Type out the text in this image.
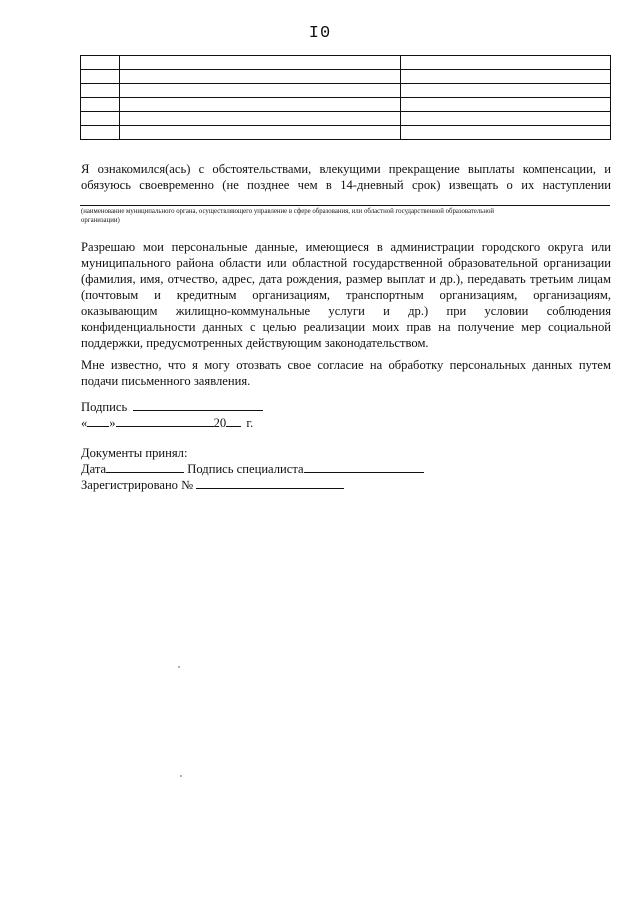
I0

Я ознакомился(ась) с обстоятельствами, влекущими прекращение выплаты компенсации, и
обязуюсь своевременно (не позднее чем в 14-дневный срок) извещать о их наступлении
(наименование муниципального органа, осуществляющего управление в сфере образования, или областной государственной образовательной
организации)
Разрешаю мои персональные данные, имеющиеся в администрации городского округа или
муниципального района области или областной государственной образовательной организации
(фамилия, имя, отчество, адрес, дата рождения, размер выплат и др.), передавать третьим лицам
(почтовым и кредитным организациям, транспортным организациям, организациям,
оказывающим жилищно-коммунальные услуги и др.) при условии соблюдения
конфиденциальности данных с целью реализации моих прав на получение мер социальной
поддержки, предусмотренных действующим законодательством.
Мне известно, что я могу отозвать свое согласие на обработку персональных данных путем
подачи письменного заявления.
Подпись
« »	20 г.
Документы принял:
Дата	Подпись специалиста
Зарегистрировано №
